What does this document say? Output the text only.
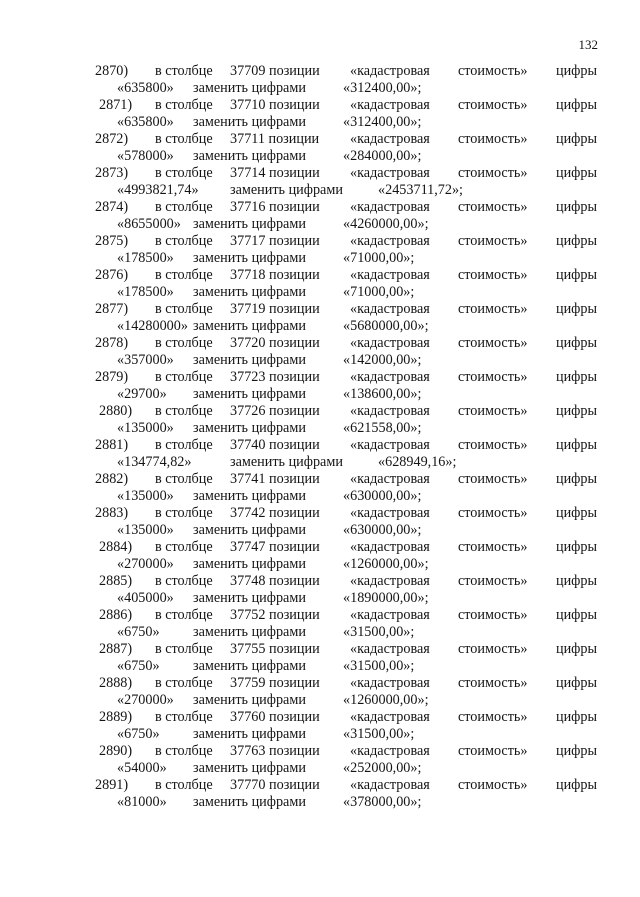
132
2870) в столбце 37709 позиции «кадастровая стоимость» цифры
«635800» заменить цифрами	«312400,00»;
2871) в столбце 37710 позиции «кадастровая стоимость» цифры
«635800» заменить цифрами	«312400,00»;
2872) в столбце 37711 позиции «кадастровая стоимость» цифры
«578000» заменить цифрами	«284000,00»;
2873) в столбце 37714 позиции «кадастровая стоимость» цифры
«4993821,74» заменить цифрами «2453711,72»;
2874) в столбце 37716 позиции «кадастровая стоимость» цифры
«8655000» заменить цифрами	«4260000,00»;
2875) в столбце 37717 позиции «кадастровая стоимость» цифры
«178500» заменить цифрами	«71000,00»;
2876) в столбце 37718 позиции «кадастровая стоимость» цифры
«178500» заменить цифрами	«71000,00»;
2877) в столбце 37719 позиции «кадастровая стоимость» цифры
«14280000» заменить цифрами	«5680000,00»;
2878) в столбце 37720 позиции «кадастровая стоимость» цифры
«357000» заменить цифрами	«142000,00»;
2879) в столбце 37723 позиции «кадастровая стоимость» цифры
«29700» заменить цифрами	«138600,00»;
2880) в столбце 37726 позиции «кадастровая стоимость» цифры
«135000» заменить цифрами	«621558,00»;
2881) в столбце 37740 позиции «кадастровая стоимость» цифры
«134774,82»	заменить цифрами «628949,16»;
2882) в столбце 37741 позиции «кадастровая стоимость» цифры
«135000» заменить цифрами	«630000,00»;
2883) в столбце 37742 позиции «кадастровая стоимость» цифры
«135000» заменить цифрами	«630000,00»;
2884) в столбце 37747 позиции «кадастровая стоимость» цифры
«270000» заменить цифрами	«1260000,00»;
2885) в столбце 37748 позиции «кадастровая стоимость» цифры
«405000» заменить цифрами	«1890000,00»;
2886) в столбце 37752 позиции «кадастровая стоимость» цифры
«6750» заменить цифрами	«31500,00»;
2887) в столбце 37755 позиции «кадастровая стоимость» цифры
«6750» заменить цифрами	«31500,00»;
2888) в столбце 37759 позиции «кадастровая стоимость» цифры
«270000» заменить цифрами	«1260000,00»;
2889) в столбце 37760 позиции «кадастровая стоимость» цифры
«6750» заменить цифрами	«31500,00»;
2890) в столбце 37763 позиции «кадастровая стоимость» цифры
«54000» заменить цифрами	«252000,00»;
2891) в столбце 37770 позиции «кадастровая стоимость» цифры
«81000» заменить цифрами	«378000,00»;
